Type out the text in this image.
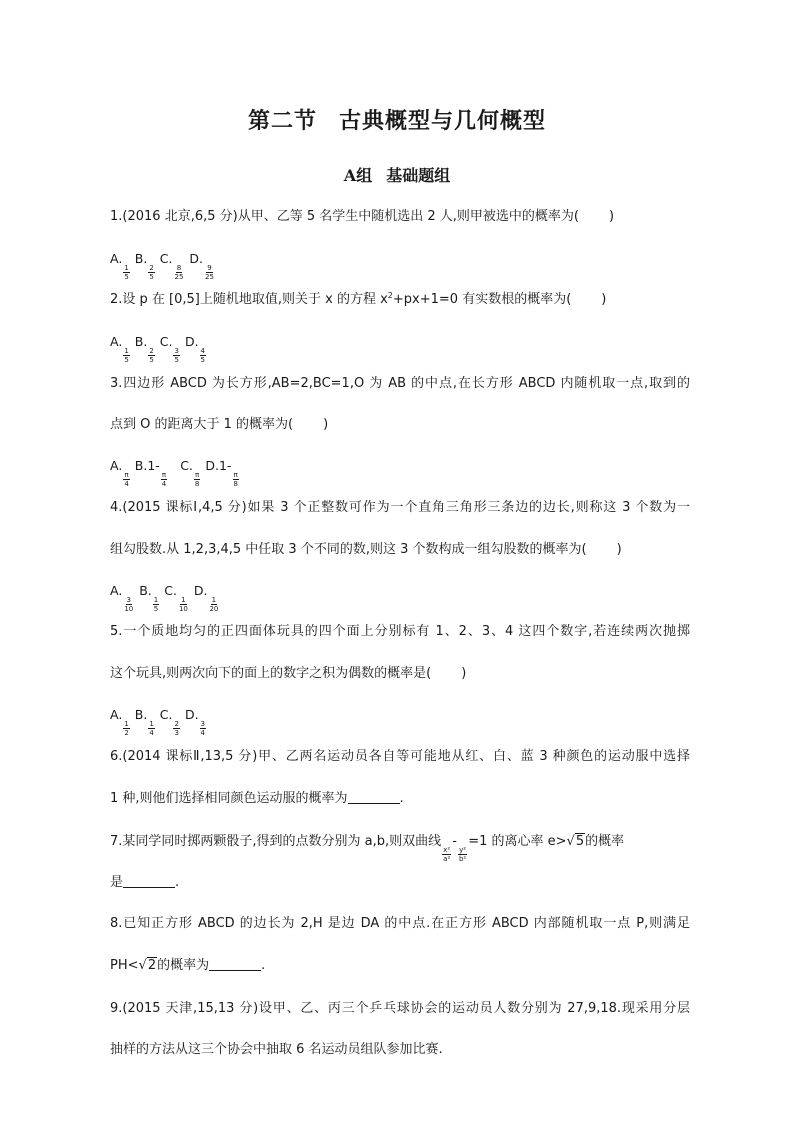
第二节 古典概型与几何概型
A组 基础题组
1.(2016 北京,6,5 分)从甲、乙等 5 名学生中随机选出 2 人,则甲被选中的概率为( )
A.
$\frac{1}{5}$
B.
$\frac{2}{5}$
C.
$\frac{8}{25}$
D.
$\frac{9}{25}$
2.设 p 在 [0,5]上随机地取值,则关于 x 的方程 $x^2+px+1=0$ 有实数根的概率为( )
A.
$\frac{1}{5}$
B.
$\frac{2}{5}$
C.
$\frac{3}{5}$
D.
$\frac{4}{5}$
3.四边形 ABCD 为长方形,AB=2,BC=1,O 为 AB 的中点,在长方形 ABCD 内随机取一点,取到的
点到 O 的距离大于 1 的概率为( )
A.
$\frac{\pi}{4}$
B.1-
$\frac{\pi}{4}$
C.
$\frac{\pi}{8}$
D.1-
$\frac{\pi}{8}$
4.(2015 课标Ⅰ,4,5 分)如果 3 个正整数可作为一个直角三角形三条边的边长,则称这 3 个数为一
组勾股数.从 1,2,3,4,5 中任取 3 个不同的数,则这 3 个数构成一组勾股数的概率为( )
A.
$\frac{3}{10}$
B.
$\frac{1}{5}$
C.
$\frac{1}{10}$
D.
$\frac{1}{20}$
5.一个质地均匀的正四面体玩具的四个面上分别标有 1、2、3、4 这四个数字,若连续两次抛掷
这个玩具,则两次向下的面上的数字之积为偶数的概率是( )
A.
$\frac{1}{2}$
B.
$\frac{1}{4}$
C.
$\frac{2}{3}$
D.
$\frac{3}{4}$
6.(2014 课标Ⅱ,13,5 分)甲、乙两名运动员各自等可能地从红、白、蓝 3 种颜色的运动服中选择
1 种,则他们选择相同颜色运动服的概率为	.
7.某同学同时掷两颗骰子,得到的点数分别为 a,b,则双曲线
$\frac{\text{x²}}{\text{a²}}$
-
$\frac{\text{y²}}{\text{b²}}$
=1 的离心率 e>√5的概率
是	.
8.已知正方形 ABCD 的边长为 2,H 是边 DA 的中点.在正方形 ABCD 内部随机取一点 P,则满足
PH<√2的概率为	.
9.(2015 天津,15,13 分)设甲、乙、丙三个乒乓球协会的运动员人数分别为 27,9,18.现采用分层
抽样的方法从这三个协会中抽取 6 名运动员组队参加比赛.
